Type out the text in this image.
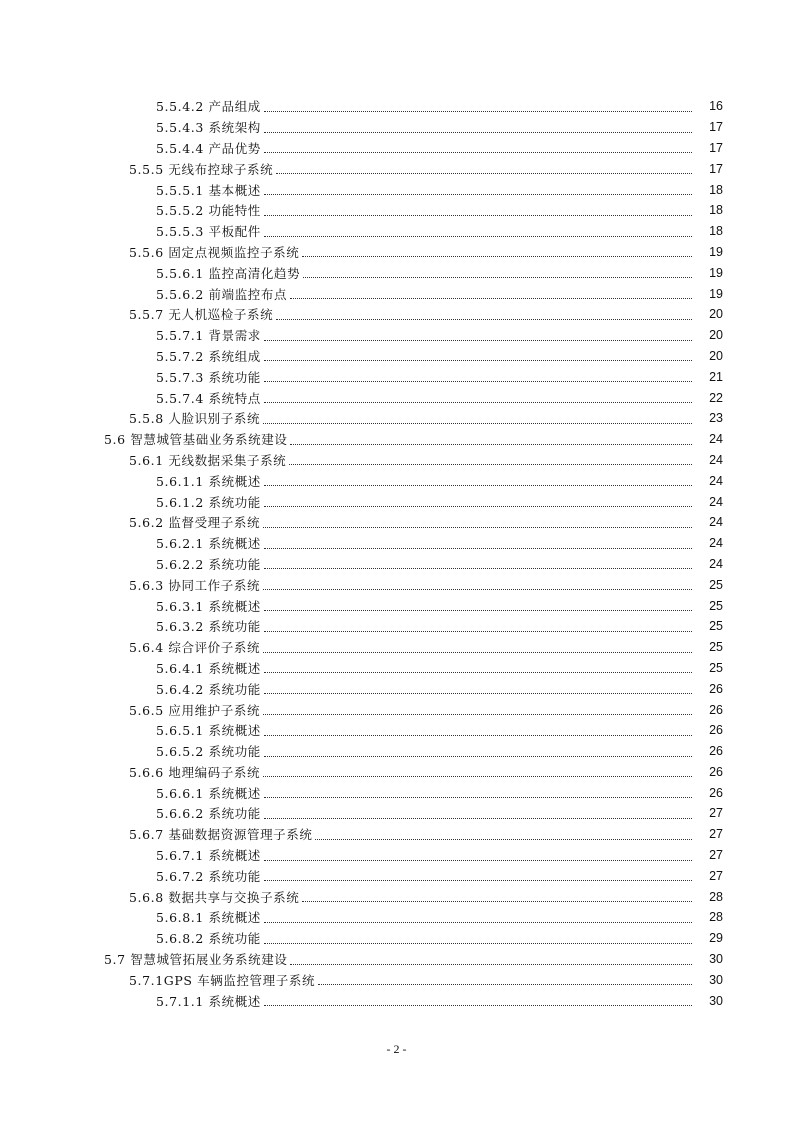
5.5.4.2 产品组成	16
5.5.4.3 系统架构	17
5.5.4.4 产品优势	17
5.5.5 无线布控球子系统	17
5.5.5.1 基本概述	18
5.5.5.2 功能特性	18
5.5.5.3 平板配件	18
5.5.6 固定点视频监控子系统	19
5.5.6.1 监控高清化趋势	19
5.5.6.2 前端监控布点	19
5.5.7 无人机巡检子系统	20
5.5.7.1 背景需求	20
5.5.7.2 系统组成	20
5.5.7.3 系统功能	21
5.5.7.4 系统特点	22
5.5.8 人脸识别子系统	23
5.6 智慧城管基础业务系统建设	24
5.6.1 无线数据采集子系统	24
5.6.1.1 系统概述	24
5.6.1.2 系统功能	24
5.6.2 监督受理子系统	24
5.6.2.1 系统概述	24
5.6.2.2 系统功能	24
5.6.3 协同工作子系统	25
5.6.3.1 系统概述	25
5.6.3.2 系统功能	25
5.6.4 综合评价子系统	25
5.6.4.1 系统概述	25
5.6.4.2 系统功能	26
5.6.5 应用维护子系统	26
5.6.5.1 系统概述	26
5.6.5.2 系统功能	26
5.6.6 地理编码子系统	26
5.6.6.1 系统概述	26
5.6.6.2 系统功能	27
5.6.7 基础数据资源管理子系统	27
5.6.7.1 系统概述	27
5.6.7.2 系统功能	27
5.6.8 数据共享与交换子系统	28
5.6.8.1 系统概述	28
5.6.8.2 系统功能	29
5.7 智慧城管拓展业务系统建设	30
5.7.1GPS 车辆监控管理子系统	30
5.7.1.1 系统概述	30
- 2 -
